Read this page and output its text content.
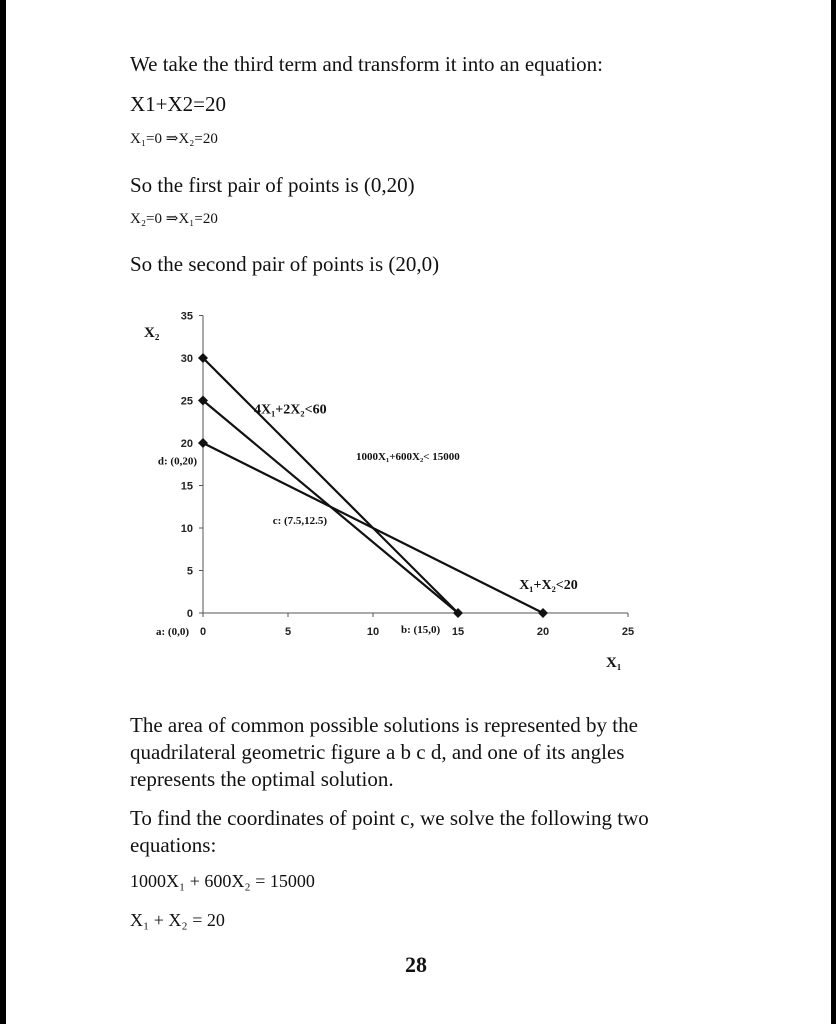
We take the third term and transform it into an equation:
X1+X2=20
X₁=0 ⇒X₂=20
So the first pair of points is (0,20)
X₂=0 ⇒X₁=20
So the second pair of points is (20,0)
0
5
10
15
20
25
30
35
0	5	10	15	20	25
X₂
X₁
4X₁+2X₂<60
1000X₁+600X₂< 15000
X₁+X₂<20
d: (0,20)
a: (0,0)	b: (15,0)
c: (7.5,12.5)
The area of common possible solutions is represented by the quadrilateral geometric figure a b c d, and one of its angles represents the optimal solution.
To find the coordinates of point c, we solve the following two equations:
1000X₁ + 600X₂ = 15000
X₁ + X₂ = 20
28
